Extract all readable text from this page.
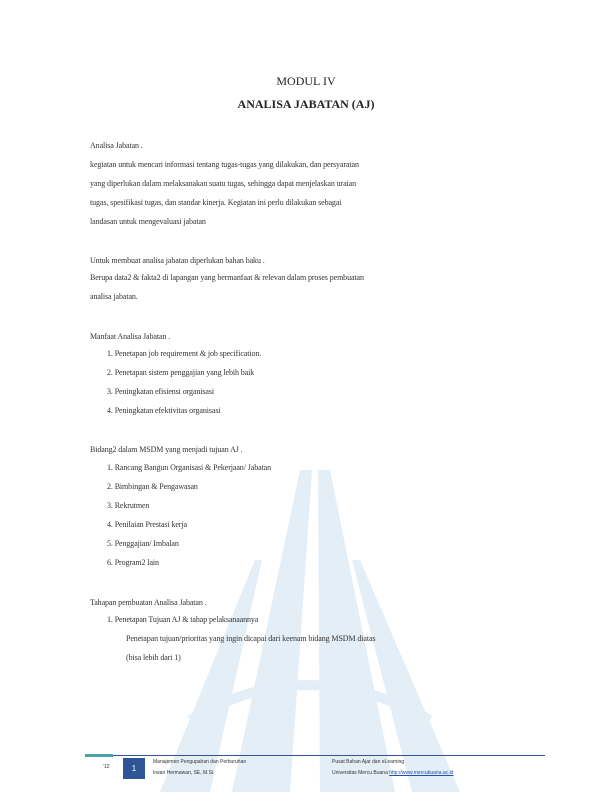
MODUL IV
ANALISA JABATAN (AJ)
Analisa Jabatan .
kegiatan untuk mencari informasi tentang tugas-tugas yang dilakukan, dan persyaratan
yang diperlukan dalam melaksanakan suatu tugas, sehingga dapat menjelaskan uraian
tugas, spesifikasi tugas, dan standar kinerja. Kegiatan ini perlu dilakukan sebagai
landasan untuk mengevaluasi jabatan
Untuk membuat analisa jabatan diperlukan bahan baku .
Berupa data2 & fakta2 di lapangan yang bermanfaat & relevan dalam proses pembuatan
analisa jabatan.
Manfaat Analisa Jabatan .
1. Penetapan job requirement & job specification.
2. Penetapan sistem penggajian yang lebih baik
3. Peningkatan efisiensi organisasi
4. Peningkatan efektivitas organisasi
Bidang2 dalam MSDM yang menjadi tujuan AJ .
1. Rancang Bangun Organisasi & Pekerjaan/ Jabatan
2. Bimbingan & Pengawasan
3. Rekrutmen
4. Penilaian Prestasi kerja
5. Penggajian/ Imbalan
6. Program2 lain
Tahapan pembuatan Analisa Jabatan .
1. Penetapan Tujuan AJ & tahap pelaksanaannya
Penetapan tujuan/prioritas yang ingin dicapai dari keenam bidang MSDM diatas
(bisa lebih dari 1)
'12	1
Manajemen Pengupahan dan Perburuhan
Irwan Hermawan, SE, M.Si.
Pusat Bahan Ajar dan eLearning
Universitas Mercu Buana http://www.mercubuana.ac.id
